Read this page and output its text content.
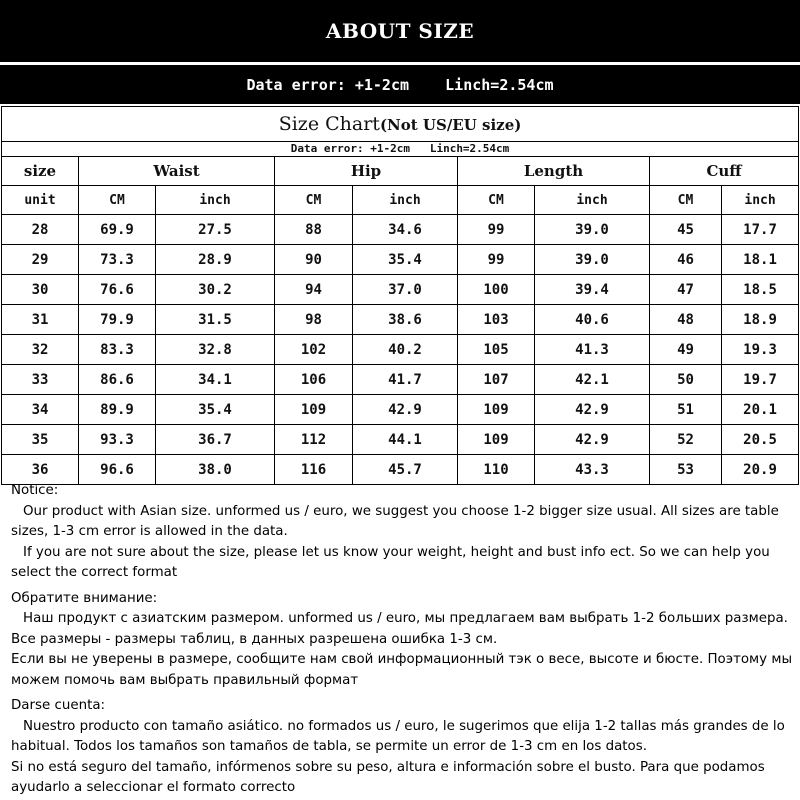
ABOUT SIZE
Data error: +1-2cm
Linch=2.54cm
Size Chart(Not US/EU size)								
Data error: +1-2cm   Linch=2.54cm								
size	Waist		Hip		Length		Cuff	
unit	CM	inch	CM	inch	CM	inch	CM	inch
28	69.9	27.5	88	34.6	99	39.0	45	17.7
29	73.3	28.9	90	35.4	99	39.0	46	18.1
30	76.6	30.2	94	37.0	100	39.4	47	18.5
31	79.9	31.5	98	38.6	103	40.6	48	18.9
32	83.3	32.8	102	40.2	105	41.3	49	19.3
33	86.6	34.1	106	41.7	107	42.1	50	19.7
34	89.9	35.4	109	42.9	109	42.9	51	20.1
35	93.3	36.7	112	44.1	109	42.9	52	20.5
36	96.6	38.0	116	45.7	110	43.3	53	20.9

Notice:

Our product with Asian size. unformed us / euro, we suggest you choose 1-2 bigger size usual. All sizes are table sizes, 1-3 cm error is allowed in the data.

If you are not sure about the size, please let us know your weight, height and bust info ect. So we can help you select the correct format

Обратите внимание:

Наш продукт с азиатским размером. unformed us / euro, мы предлагаем вам выбрать 1-2 больших размера. Все размеры - размеры таблиц, в данных разрешена ошибка 1-3 см.

Если вы не уверены в размере, сообщите нам свой информационный тэк о весе, высоте и бюсте. Поэтому мы можем помочь вам выбрать правильный формат

Darse cuenta:

Nuestro producto con tamaño asiático. no formados us / euro, le sugerimos que elija 1-2 tallas más grandes de lo habitual. Todos los tamaños son tamaños de tabla, se permite un error de 1-3 cm en los datos.

Si no está seguro del tamaño, infórmenos sobre su peso, altura e información sobre el busto. Para que podamos ayudarlo a seleccionar el formato correcto
